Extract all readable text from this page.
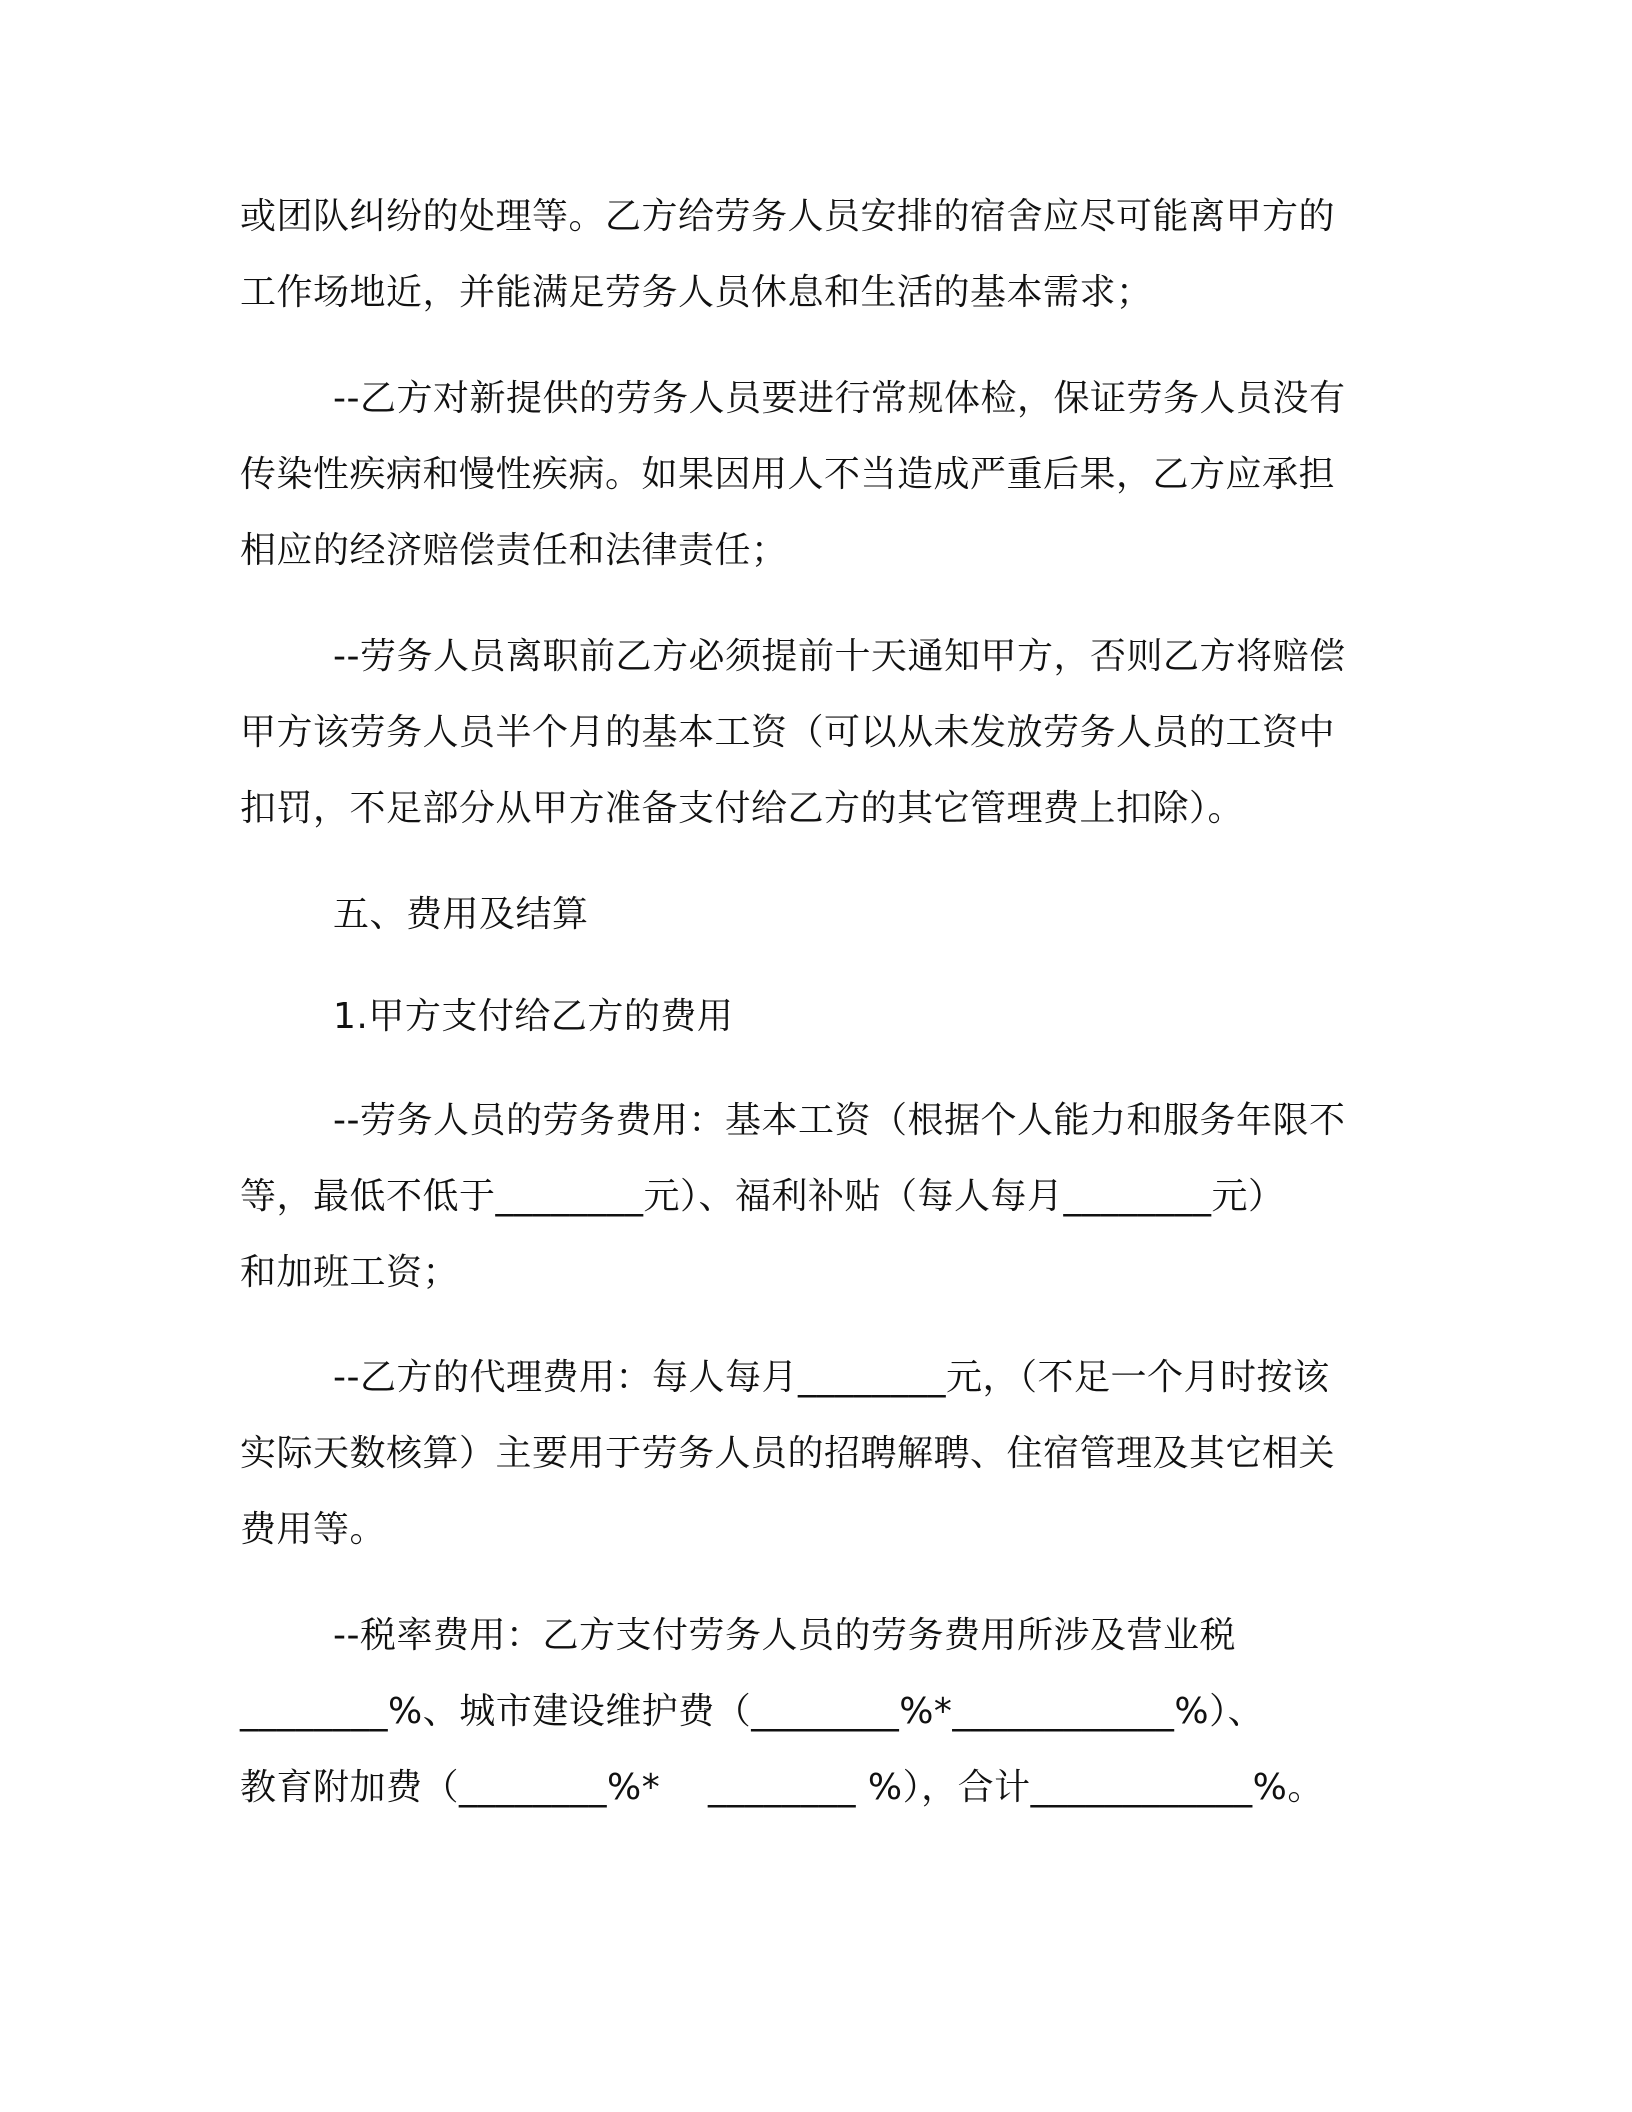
或团队纠纷的处理等。乙方给劳务人员安排的宿舍应尽可能离甲方的
工作场地近，并能满足劳务人员休息和生活的基本需求；
--乙方对新提供的劳务人员要进行常规体检，保证劳务人员没有
传染性疾病和慢性疾病。如果因用人不当造成严重后果，乙方应承担
相应的经济赔偿责任和法律责任；
--劳务人员离职前乙方必须提前十天通知甲方，否则乙方将赔偿
甲方该劳务人员半个月的基本工资（可以从未发放劳务人员的工资中
扣罚，不足部分从甲方准备支付给乙方的其它管理费上扣除）。
五、费用及结算
1.甲方支付给乙方的费用
--劳务人员的劳务费用：基本工资（根据个人能力和服务年限不
等，最低不低于________元）、福利补贴（每人每月________元）
和加班工资；
--乙方的代理费用：每人每月________元，（不足一个月时按该
实际天数核算）主要用于劳务人员的招聘解聘、住宿管理及其它相关
费用等。
--税率费用：乙方支付劳务人员的劳务费用所涉及营业税
________%、城市建设维护费（________%*____________%）、
教育附加费（________%*    ________ %），合计____________%。
